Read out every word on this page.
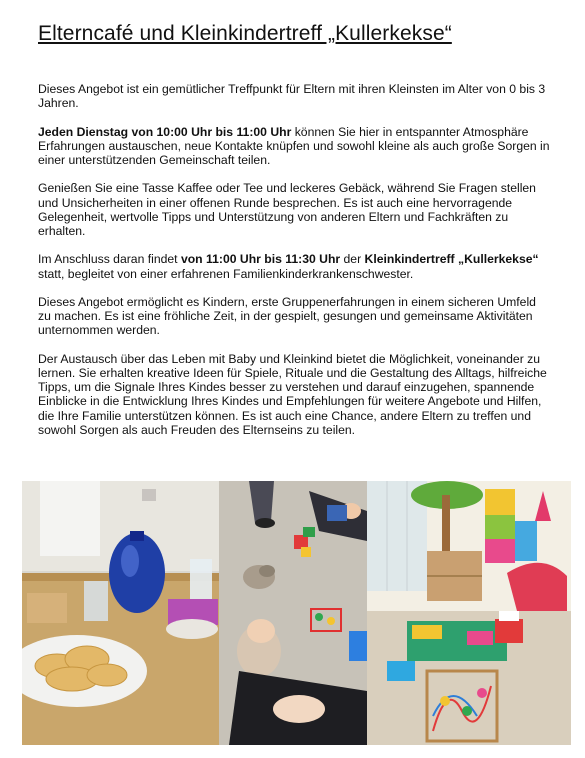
Elterncafé und Kleinkindertreff „Kullerkekse“

Dieses Angebot ist ein gemütlicher Treffpunkt für Eltern mit ihren Kleinsten im Alter von 0 bis 3 Jahren.

Jeden Dienstag von 10:00 Uhr bis 11:00 Uhr können Sie hier in entspannter Atmosphäre Erfahrungen austauschen, neue Kontakte knüpfen und sowohl kleine als auch große Sorgen in einer unterstützenden Gemeinschaft teilen.

Genießen Sie eine Tasse Kaffee oder Tee und leckeres Gebäck, während Sie Fragen stellen und Unsicherheiten in einer offenen Runde besprechen. Es ist auch eine hervorragende Gelegenheit, wertvolle Tipps und Unterstützung von anderen Eltern und Fachkräften zu erhalten.

Im Anschluss daran findet von 11:00 Uhr bis 11:30 Uhr der Kleinkindertreff „Kullerkekse“ statt, begleitet von einer erfahrenen Familienkinderkrankenschwester.

Dieses Angebot ermöglicht es Kindern, erste Gruppenerfahrungen in einem sicheren Umfeld zu machen. Es ist eine fröhliche Zeit, in der gespielt, gesungen und gemeinsame Aktivitäten unternommen werden.

Der Austausch über das Leben mit Baby und Kleinkind bietet die Möglichkeit, voneinander zu lernen. Sie erhalten kreative Ideen für Spiele, Rituale und die Gestaltung des Alltags, hilfreiche Tipps, um die Signale Ihres Kindes besser zu verstehen und darauf einzugehen, spannende Einblicke in die Entwicklung Ihres Kindes und Empfehlungen für weitere Angebote und Hilfen, die Ihre Familie unterstützen können. Es ist auch eine Chance, andere Eltern zu treffen und sowohl Sorgen als auch Freuden des Elternseins zu teilen.
